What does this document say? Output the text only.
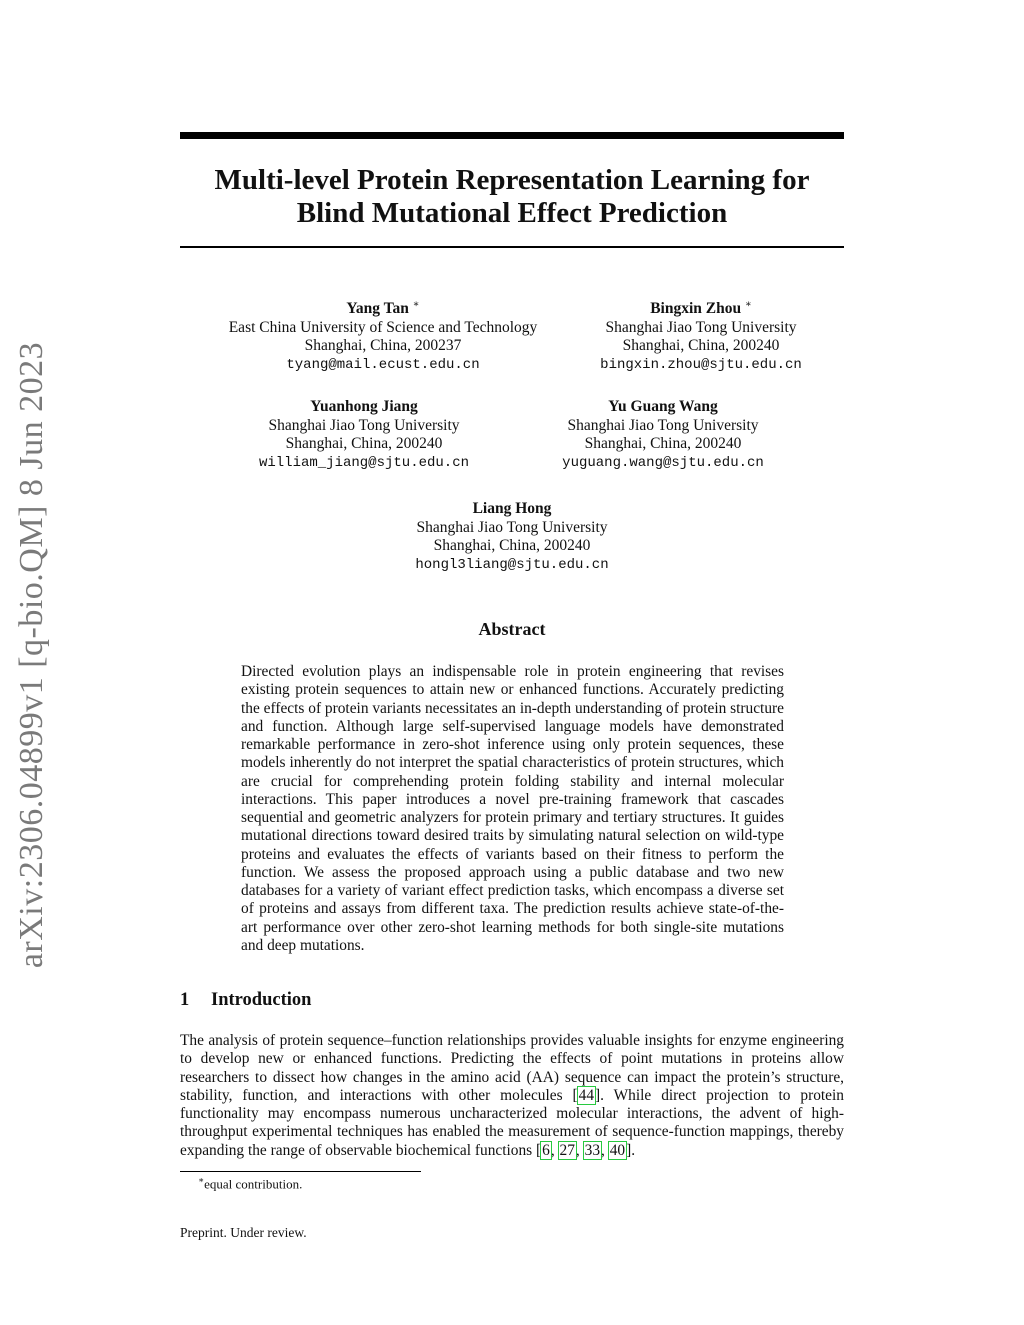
arXiv:2306.04899v1 [q-bio.QM] 8 Jun 2023
Multi-level Protein Representation Learning for
Blind Mutational Effect Prediction
Yang Tan ∗
East China University of Science and Technology
Shanghai, China, 200237
tyang@mail.ecust.edu.cn
Bingxin Zhou ∗
Shanghai Jiao Tong University
Shanghai, China, 200240
bingxin.zhou@sjtu.edu.cn
Yuanhong Jiang
Shanghai Jiao Tong University
Shanghai, China, 200240
william_jiang@sjtu.edu.cn
Yu Guang Wang
Shanghai Jiao Tong University
Shanghai, China, 200240
yuguang.wang@sjtu.edu.cn
Liang Hong
Shanghai Jiao Tong University
Shanghai, China, 200240
hongl3liang@sjtu.edu.cn
Abstract
Directed evolution plays an indispensable role in protein engineering that revises existing protein sequences to attain new or enhanced functions. Accurately predicting the effects of protein variants necessitates an in-depth understanding of protein structure and function. Although large self-supervised language models have demonstrated remarkable performance in zero-shot inference using only protein sequences, these models inherently do not interpret the spatial characteristics of protein structures, which are crucial for comprehending protein folding stability and internal molecular interactions. This paper introduces a novel pre-training framework that cascades sequential and geometric analyzers for protein primary and tertiary structures. It guides mutational directions toward desired traits by simulating natural selection on wild-type proteins and evaluates the effects of variants based on their fitness to perform the function. We assess the proposed approach using a public database and two new databases for a variety of variant effect prediction tasks, which encompass a diverse set of proteins and assays from different taxa. The prediction results achieve state-of-the-art performance over other zero-shot learning methods for both single-site mutations and deep mutations.
1 Introduction
The analysis of protein sequence–function relationships provides valuable insights for enzyme engineering to develop new or enhanced functions. Predicting the effects of point mutations in proteins allow researchers to dissect how changes in the amino acid (AA) sequence can impact the protein’s structure, stability, function, and interactions with other molecules [44]. While direct projection to protein functionality may encompass numerous uncharacterized molecular interactions, the advent of high-throughput experimental techniques has enabled the measurement of sequence-function mappings, thereby expanding the range of observable biochemical functions [6, 27, 33, 40].
∗equal contribution.
Preprint. Under review.
